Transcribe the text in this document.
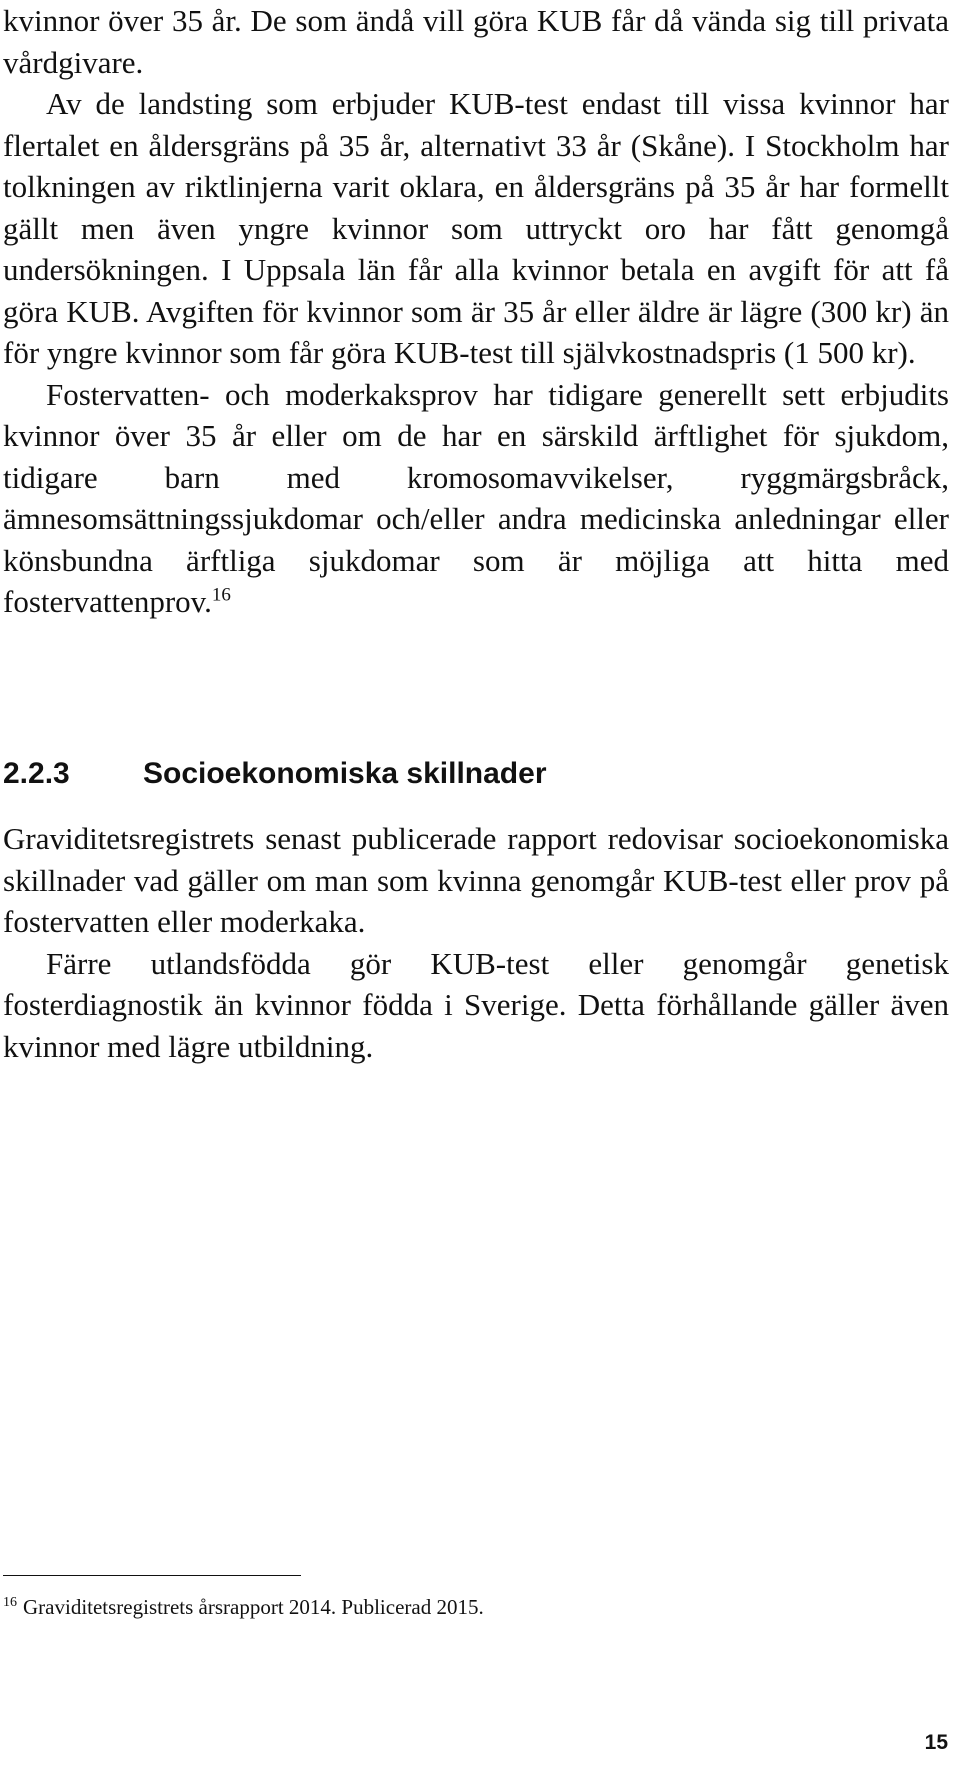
kvinnor över 35 år. De som ändå vill göra KUB får då vända sig till privata vårdgivare.

Av de landsting som erbjuder KUB-test endast till vissa kvinnor har flertalet en åldersgräns på 35 år, alternativt 33 år (Skåne). I Stockholm har tolkningen av riktlinjerna varit oklara, en åldersgräns på 35 år har formellt gällt men även yngre kvinnor som uttryckt oro har fått genomgå undersökningen. I Uppsala län får alla kvinnor betala en avgift för att få göra KUB. Avgiften för kvinnor som är 35 år eller äldre är lägre (300 kr) än för yngre kvinnor som får göra KUB-test till självkostnadspris (1 500 kr).

Fostervatten- och moderkaksprov har tidigare generellt sett erbjudits kvinnor över 35 år eller om de har en särskild ärftlighet för sjukdom, tidigare barn med kromosomavvikelser, ryggmärgsbråck, ämnesomsättningssjukdomar och/eller andra medicinska anledningar eller könsbundna ärftliga sjukdomar som är möjliga att hitta med fostervattenprov.$^{16}$

2.2.3 Socioekonomiska skillnader

Graviditetsregistrets senast publicerade rapport redovisar socioekonomiska skillnader vad gäller om man som kvinna genomgår KUB-test eller prov på fostervatten eller moderkaka.

Färre utlandsfödda gör KUB-test eller genomgår genetisk fosterdiagnostik än kvinnor födda i Sverige. Detta förhållande gäller även kvinnor med lägre utbildning.

$^{16}$ Graviditetsregistrets årsrapport 2014. Publicerad 2015.

15
